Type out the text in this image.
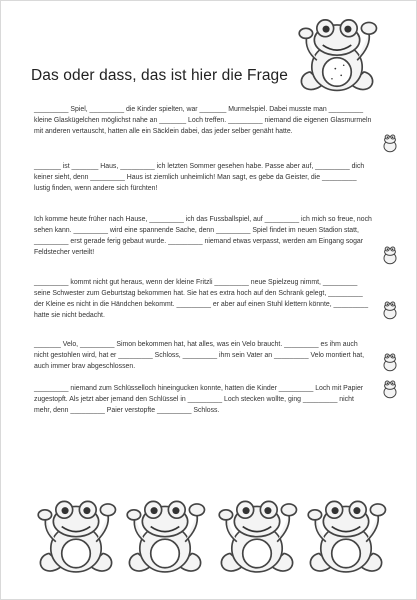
Das oder dass, das ist hier die Frage
_________ Spiel, _________ die Kinder spielten, war _______ Murmelspiel. Dabei musste man _________ kleine Glaskügelchen möglichst nahe an _______ Loch treffen. _________ niemand die eigenen Glasmurmeln mit anderen vertauscht, hatten alle ein Säcklein dabei, das jeder selber genäht hatte.
_______ ist _______ Haus, _________ ich letzten Sommer gesehen habe. Passe aber auf, _________ dich keiner sieht, denn _________ Haus ist ziemlich unheimlich! Man sagt, es gebe da Geister, die _________ lustig finden, wenn andere sich fürchten!
Ich komme heute früher nach Hause, _________ ich das Fussballspiel, auf _________ ich mich so freue, noch sehen kann. _________ wird eine spannende Sache, denn _________ Spiel findet im neuen Stadion statt, _________ erst gerade ferig gebaut wurde. _________ niemand etwas verpasst, werden am Eingang sogar Feldstecher verteilt!
_________ kommt nicht gut heraus, wenn der kleine Fritzli _________ neue Spielzeug nimmt, _________ seine Schwester zum Geburtstag bekommen hat. Sie hat es extra hoch auf den Schrank gelegt, _________ der Kleine es nicht in die Händchen bekommt. _________ er aber auf einen Stuhl klettern könnte, _________ hatte sie nicht bedacht.
_______ Velo, _________ Simon bekommen hat, hat alles, was ein Velo braucht. _________ es ihm auch nicht gestohlen wird, hat er _________ Schloss, _________ ihm sein Vater an _________ Velo montiert hat, auch immer brav abgeschlossen.
_________ niemand zum Schlüsselloch hineingucken konnte, hatten die Kinder _________ Loch mit Papier zugestopft. Als jetzt aber jemand den Schlüssel in _________ Loch stecken wollte, ging _________ nicht mehr, denn _________ Paier verstopfte _________ Schloss.
